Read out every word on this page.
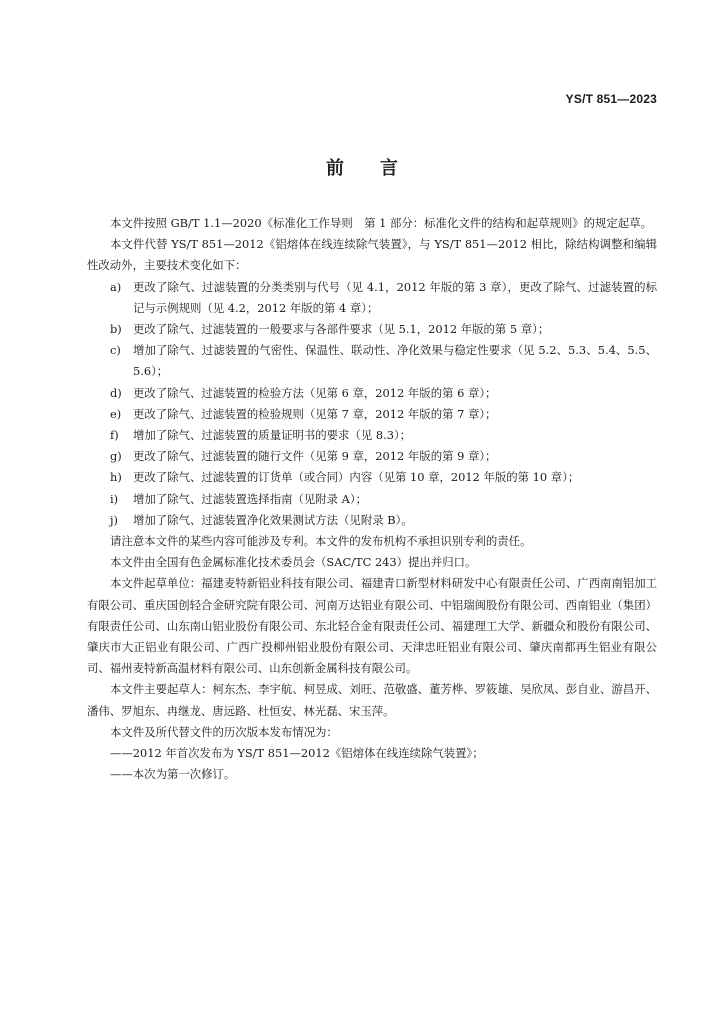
YS/T 851—2023
前言

本文件按照 GB/T 1.1—2020《标准化工作导则　第 1 部分：标准化文件的结构和起草规则》的规定起草。

本文件代替 YS/T 851—2012《铝熔体在线连续除气装置》，与 YS/T 851—2012 相比，除结构调整和编辑性改动外，主要技术变化如下：

a) 更改了除气、过滤装置的分类类别与代号（见 4.1，2012 年版的第 3 章），更改了除气、过滤装置的标记与示例规则（见 4.2，2012 年版的第 4 章）；

b) 更改了除气、过滤装置的一般要求与各部件要求（见 5.1，2012 年版的第 5 章）；

c) 增加了除气、过滤装置的气密性、保温性、联动性、净化效果与稳定性要求（见 5.2、5.3、5.4、5.5、5.6）；

d) 更改了除气、过滤装置的检验方法（见第 6 章，2012 年版的第 6 章）；

e) 更改了除气、过滤装置的检验规则（见第 7 章，2012 年版的第 7 章）；

f) 增加了除气、过滤装置的质量证明书的要求（见 8.3）；

g) 更改了除气、过滤装置的随行文件（见第 9 章，2012 年版的第 9 章）；

h) 更改了除气、过滤装置的订货单（或合同）内容（见第 10 章，2012 年版的第 10 章）；

i) 增加了除气、过滤装置选择指南（见附录 A）；

j) 增加了除气、过滤装置净化效果测试方法（见附录 B）。

请注意本文件的某些内容可能涉及专利。本文件的发布机构不承担识别专利的责任。

本文件由全国有色金属标准化技术委员会（SAC/TC 243）提出并归口。

本文件起草单位：福建麦特新铝业科技有限公司、福建青口新型材料研发中心有限责任公司、广西南南铝加工有限公司、重庆国创轻合金研究院有限公司、河南万达铝业有限公司、中铝瑞闽股份有限公司、西南铝业（集团）有限责任公司、山东南山铝业股份有限公司、东北轻合金有限责任公司、福建理工大学、新疆众和股份有限公司、肇庆市大正铝业有限公司、广西广投柳州铝业股份有限公司、天津忠旺铝业有限公司、肇庆南都再生铝业有限公司、福州麦特新高温材料有限公司、山东创新金属科技有限公司。

本文件主要起草人：柯东杰、李宇航、柯昱成、刘旺、范敬盛、董芳桦、罗筱雄、吴欣凤、彭自业、游昌开、潘伟、罗旭东、冉继龙、唐远路、杜恒安、林光磊、宋玉萍。

本文件及所代替文件的历次版本发布情况为：

——2012 年首次发布为 YS/T 851—2012《铝熔体在线连续除气装置》；

——本次为第一次修订。
